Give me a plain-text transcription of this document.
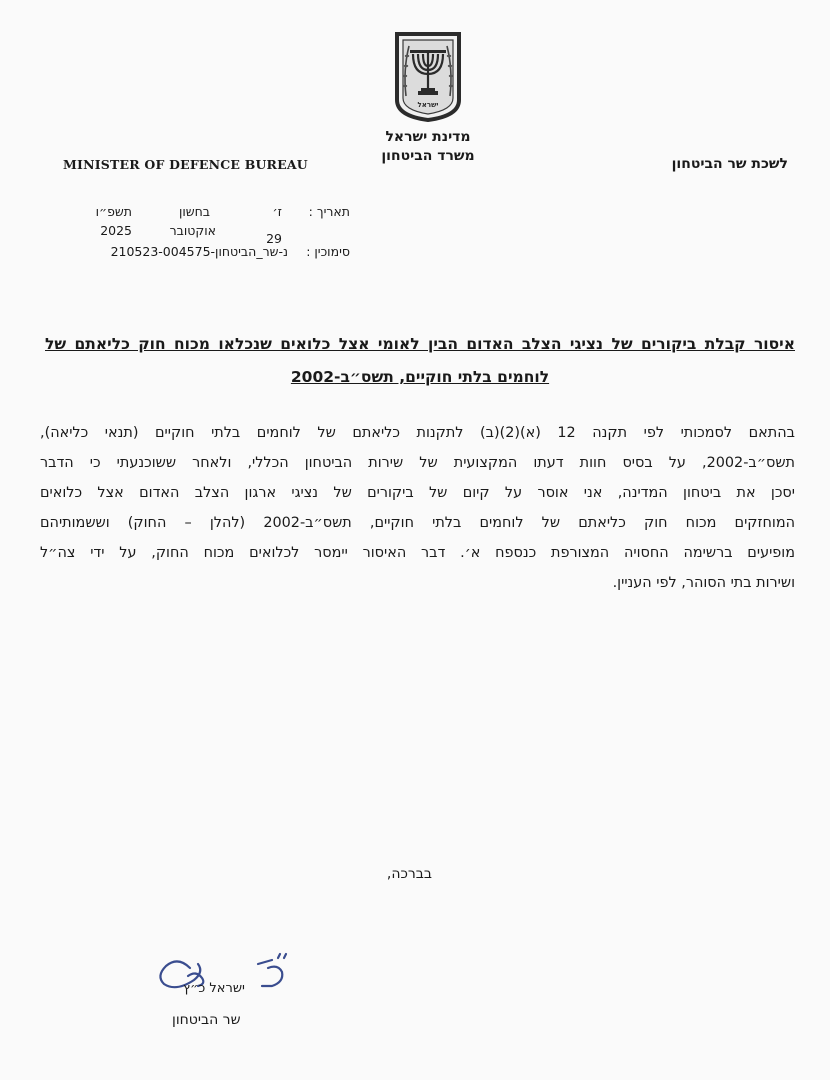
ישראל
מדינת ישראל
משרד הביטחון
MINISTER OF DEFENCE BUREAU	לשכת שר הביטחון
תאריך :
ז׳
בחשון
תשפ״ו
2025	אוקטובר
29
סימוכין :
נ-שר_הביטחון-210523-004575
איסור קבלת ביקורים של נציגי הצלב האדום הבין לאומי אצל כלואים שנכלאו מכוח חוק כליאתם של
לוחמים בלתי חוקיים, תשס״ב-2002
בהתאם לסמכותי לפי תקנה 12 (א)(2)(ב) לתקנות כליאתם של לוחמים בלתי חוקיים (תנאי כליאה),
תשס״ב-2002, על בסיס חוות דעתו המקצועית של שירות הביטחון הכללי, ולאחר ששוכנעתי כי הדבר
יסכן את ביטחון המדינה, אני אוסר על קיום של ביקורים של נציגי ארגון הצלב האדום אצל כלואים
המוחזקים מכוח חוק כליאתם של לוחמים בלתי חוקיים, תשס״ב-2002 (להלן – החוק) וששמותיהם
מופיעים ברשימה החסויה המצורפת כנספח א׳. דבר האיסור יימסר לכלואים מכוח החוק, על ידי צה״ל
ושירות בתי הסוהר, לפי העניין.
בברכה,
ישראל כ״ץ
שר הביטחון
